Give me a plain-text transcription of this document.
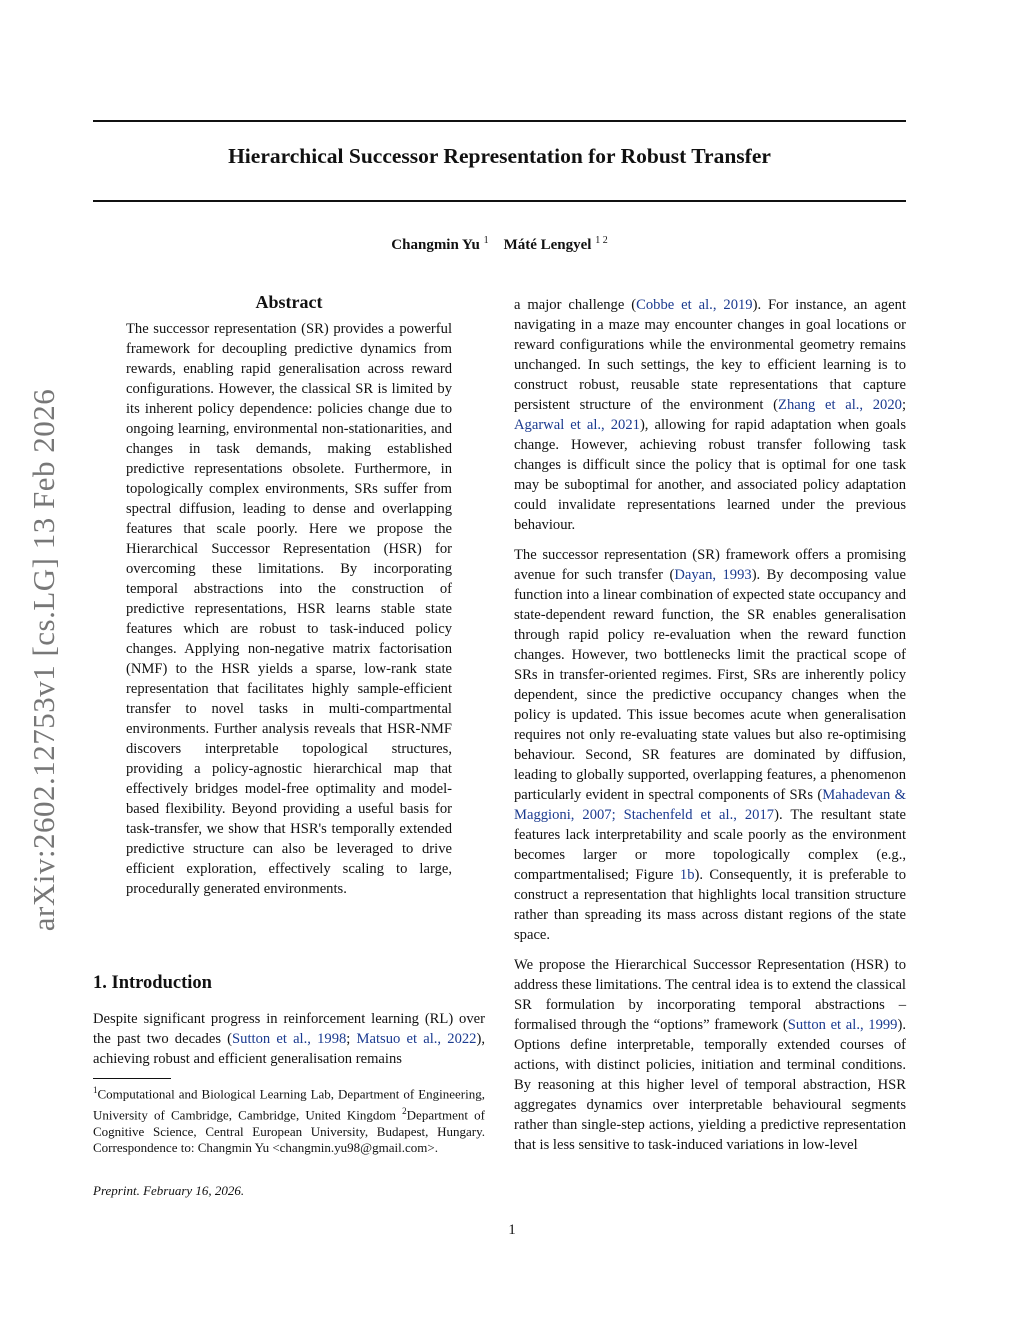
arXiv:2602.12753v1 [cs.LG] 13 Feb 2026
Hierarchical Successor Representation for Robust Transfer
Changmin Yu $^1$ Máté Lengyel $^{1 2}$
Abstract
The successor representation (SR) provides a powerful framework for decoupling predictive dynamics from rewards, enabling rapid generalisation across reward configurations. However, the classical SR is limited by its inherent policy dependence: policies change due to ongoing learning, environmental non-stationarities, and changes in task demands, making established predictive representations obsolete. Furthermore, in topologically complex environments, SRs suffer from spectral diffusion, leading to dense and overlapping features that scale poorly. Here we propose the Hierarchical Successor Representation (HSR) for overcoming these limitations. By incorporating temporal abstractions into the construction of predictive representations, HSR learns stable state features which are robust to task-induced policy changes. Applying non-negative matrix factorisation (NMF) to the HSR yields a sparse, low-rank state representation that facilitates highly sample-efficient transfer to novel tasks in multi-compartmental environments. Further analysis reveals that HSR-NMF discovers interpretable topological structures, providing a policy-agnostic hierarchical map that effectively bridges model-free optimality and model-based flexibility. Beyond providing a useful basis for task-transfer, we show that HSR's temporally extended predictive structure can also be leveraged to drive efficient exploration, effectively scaling to large, procedurally generated environments.
1. Introduction
Despite significant progress in reinforcement learning (RL) over the past two decades (Sutton et al., 1998; Matsuo et al., 2022), achieving robust and efficient generalisation remains
$^1$Computational and Biological Learning Lab, Department of Engineering, University of Cambridge, Cambridge, United Kingdom $^2$Department of Cognitive Science, Central European University, Budapest, Hungary. Correspondence to: Changmin Yu <changmin.yu98@gmail.com>.
Preprint. February 16, 2026.

a major challenge (Cobbe et al., 2019). For instance, an agent navigating in a maze may encounter changes in goal locations or reward configurations while the environmental geometry remains unchanged. In such settings, the key to efficient learning is to construct robust, reusable state representations that capture persistent structure of the environment (Zhang et al., 2020; Agarwal et al., 2021), allowing for rapid adaptation when goals change. However, achieving robust transfer following task changes is difficult since the policy that is optimal for one task may be suboptimal for another, and associated policy adaptation could invalidate representations learned under the previous behaviour.

The successor representation (SR) framework offers a promising avenue for such transfer (Dayan, 1993). By decomposing value function into a linear combination of expected state occupancy and state-dependent reward function, the SR enables generalisation through rapid policy re-evaluation when the reward function changes. However, two bottlenecks limit the practical scope of SRs in transfer-oriented regimes. First, SRs are inherently policy dependent, since the predictive occupancy changes when the policy is updated. This issue becomes acute when generalisation requires not only re-evaluating state values but also re-optimising behaviour. Second, SR features are dominated by diffusion, leading to globally supported, overlapping features, a phenomenon particularly evident in spectral components of SRs (Mahadevan & Maggioni, 2007; Stachenfeld et al., 2017). The resultant state features lack interpretability and scale poorly as the environment becomes larger or more topologically complex (e.g., compartmentalised; Figure 1b). Consequently, it is preferable to construct a representation that highlights local transition structure rather than spreading its mass across distant regions of the state space.

We propose the Hierarchical Successor Representation (HSR) to address these limitations. The central idea is to extend the classical SR formulation by incorporating temporal abstractions – formalised through the “options” framework (Sutton et al., 1999). Options define interpretable, temporally extended courses of actions, with distinct policies, initiation and terminal conditions. By reasoning at this higher level of temporal abstraction, HSR aggregates dynamics over interpretable behavioural segments rather than single-step actions, yielding a predictive representation that is less sensitive to task-induced variations in low-level

1
